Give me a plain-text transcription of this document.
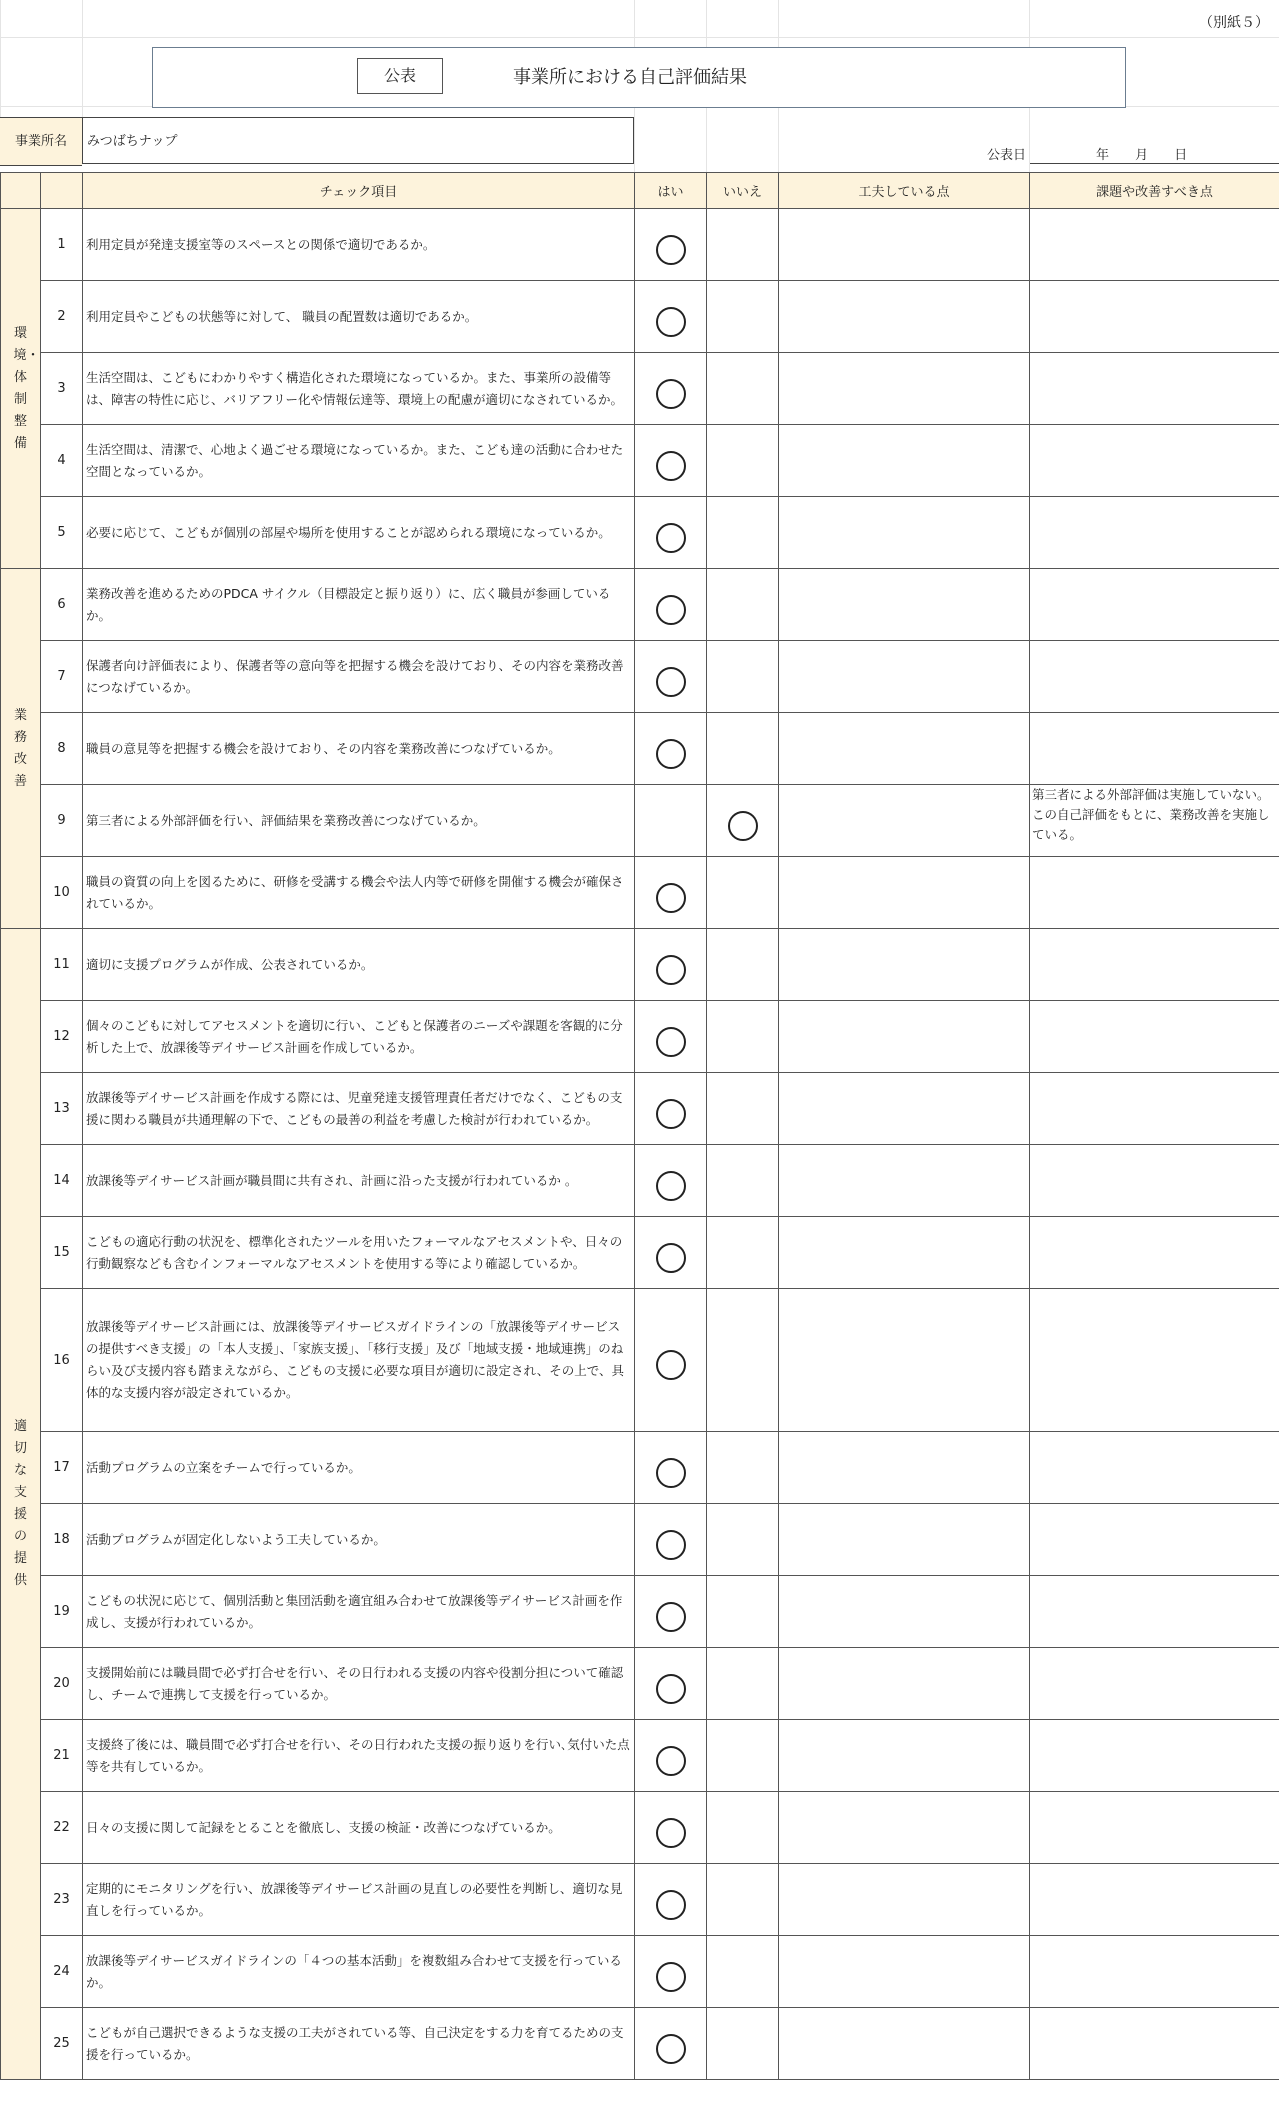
（別紙５）
公表	事業所における自己評価結果
事業所名	みつばちナップ
公表日	年 月 日
		チェック項目	はい	いいえ	工夫している点	課題や改善すべき点
環境・体制整備	1	利用定員が発達支援室等のスペースとの関係で適切であるか。				
	2	利用定員やこどもの状態等に対して、 職員の配置数は適切であるか。				
	3	生活空間は、こどもにわかりやすく構造化された環境になっているか。また、事業所の設備等は、障害の特性に応じ、バリアフリー化や情報伝達等、環境上の配慮が適切になされているか。				
	4	生活空間は、清潔で、心地よく過ごせる環境になっているか。また、こども達の活動に合わせた空間となっているか。				
	5	必要に応じて、こどもが個別の部屋や場所を使用することが認められる環境になっているか。				
業務改善	6	業務改善を進めるためのPDCA サイクル（目標設定と振り返り）に、広く職員が参画しているか。				
	7	保護者向け評価表により、保護者等の意向等を把握する機会を設けており、その内容を業務改善につなげているか。				
	8	職員の意見等を把握する機会を設けており、その内容を業務改善につなげているか。				
	9	第三者による外部評価を行い、評価結果を業務改善につなげているか。				第三者による外部評価は実施していない。この自己評価をもとに、業務改善を実施している。
	10	職員の資質の向上を図るために、研修を受講する機会や法人内等で研修を開催する機会が確保されているか。				
適切な支援の提供	11	適切に支援プログラムが作成、公表されているか。				
	12	個々のこどもに対してアセスメントを適切に行い、こどもと保護者のニーズや課題を客観的に分析した上で、放課後等デイサービス計画を作成しているか。				
	13	放課後等デイサービス計画を作成する際には、児童発達支援管理責任者だけでなく、こどもの支援に関わる職員が共通理解の下で、こどもの最善の利益を考慮した検討が行われているか。				
	14	放課後等デイサービス計画が職員間に共有され、計画に沿った支援が行われているか 。				
	15	こどもの適応行動の状況を、標準化されたツールを用いたフォーマルなアセスメントや、日々の行動観察なども含むインフォーマルなアセスメントを使用する等により確認しているか。				
	16	放課後等デイサービス計画には、放課後等デイサービスガイドラインの「放課後等デイサービスの提供すべき支援」の「本人支援」、「家族支援」、「移行支援」及び「地域支援・地域連携」のねらい及び支援内容も踏まえながら、こどもの支援に必要な項目が適切に設定され、その上で、具体的な支援内容が設定されているか。				
	17	活動プログラムの立案をチームで行っているか。				
	18	活動プログラムが固定化しないよう工夫しているか。				
	19	こどもの状況に応じて、個別活動と集団活動を適宜組み合わせて放課後等デイサービス計画を作成し、支援が行われているか。				
	20	支援開始前には職員間で必ず打合せを行い、その日行われる支援の内容や役割分担について確認し、チームで連携して支援を行っているか。				
	21	支援終了後には、職員間で必ず打合せを行い、その日行われた支援の振り返りを行い､気付いた点等を共有しているか。				
	22	日々の支援に関して記録をとることを徹底し、支援の検証・改善につなげているか。				
	23	定期的にモニタリングを行い、放課後等デイサービス計画の見直しの必要性を判断し、適切な見直しを行っているか。				
	24	放課後等デイサービスガイドラインの「４つの基本活動」を複数組み合わせて支援を行っているか。				
	25	こどもが自己選択できるような支援の工夫がされている等、自己決定をする力を育てるための支援を行っているか。				
